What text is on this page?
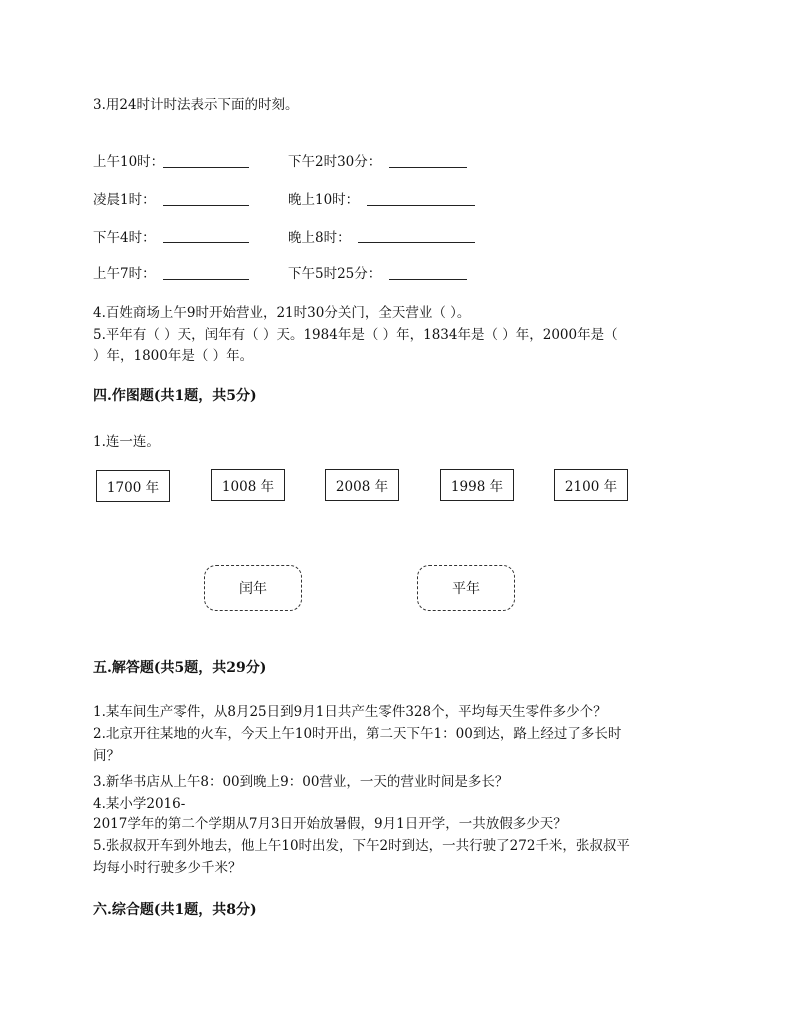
3.用24时计时法表示下面的时刻。
上午10时：	下午2时30分：
凌晨1时：	晚上10时：
下午4时：	晚上8时：
上午7时：	下午5时25分：
4.百姓商场上午9时开始营业，21时30分关门，全天营业（ ）。
5.平年有（ ）天，闰年有（ ）天。1984年是（ ）年，1834年是（ ）年，2000年是（
）年，1800年是（ ）年。
四.作图题(共1题，共5分)
1.连一连。
1700 年	1008 年	2008 年	1998 年	2100 年
闰年	平年
五.解答题(共5题，共29分)
1.某车间生产零件，从8月25日到9月1日共产生零件328个，平均每天生零件多少个？
2.北京开往某地的火车，今天上午10时开出，第二天下午1：00到达，路上经过了多长时
间？
3.新华书店从上午8：00到晚上9：00营业，一天的营业时间是多长？
4.某小学2016-
2017学年的第二个学期从7月3日开始放暑假，9月1日开学，一共放假多少天？
5.张叔叔开车到外地去，他上午10时出发，下午2时到达，一共行驶了272千米，张叔叔平
均每小时行驶多少千米？
六.综合题(共1题，共8分)
